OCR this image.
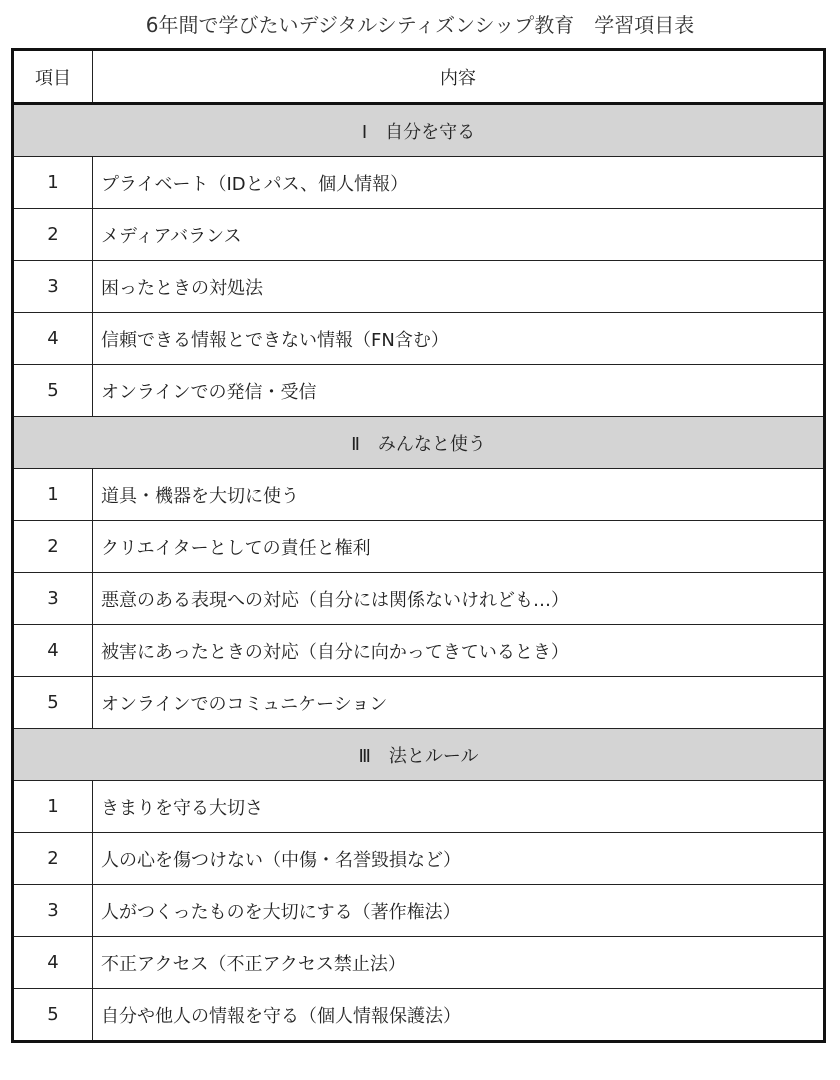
6年間で学びたいデジタルシティズンシップ教育　学習項目表
項目	内容
Ⅰ　自分を守る	
1	プライベート（IDとパス、個人情報）
2	メディアバランス
3	困ったときの対処法
4	信頼できる情報とできない情報（FN含む）
5	オンラインでの発信・受信
Ⅱ　みんなと使う	
1	道具・機器を大切に使う
2	クリエイターとしての責任と権利
3	悪意のある表現への対応（自分には関係ないけれども…）
4	被害にあったときの対応（自分に向かってきているとき）
5	オンラインでのコミュニケーション
Ⅲ　法とルール	
1	きまりを守る大切さ
2	人の心を傷つけない（中傷・名誉毀損など）
3	人がつくったものを大切にする（著作権法）
4	不正アクセス（不正アクセス禁止法）
5	自分や他人の情報を守る（個人情報保護法）
